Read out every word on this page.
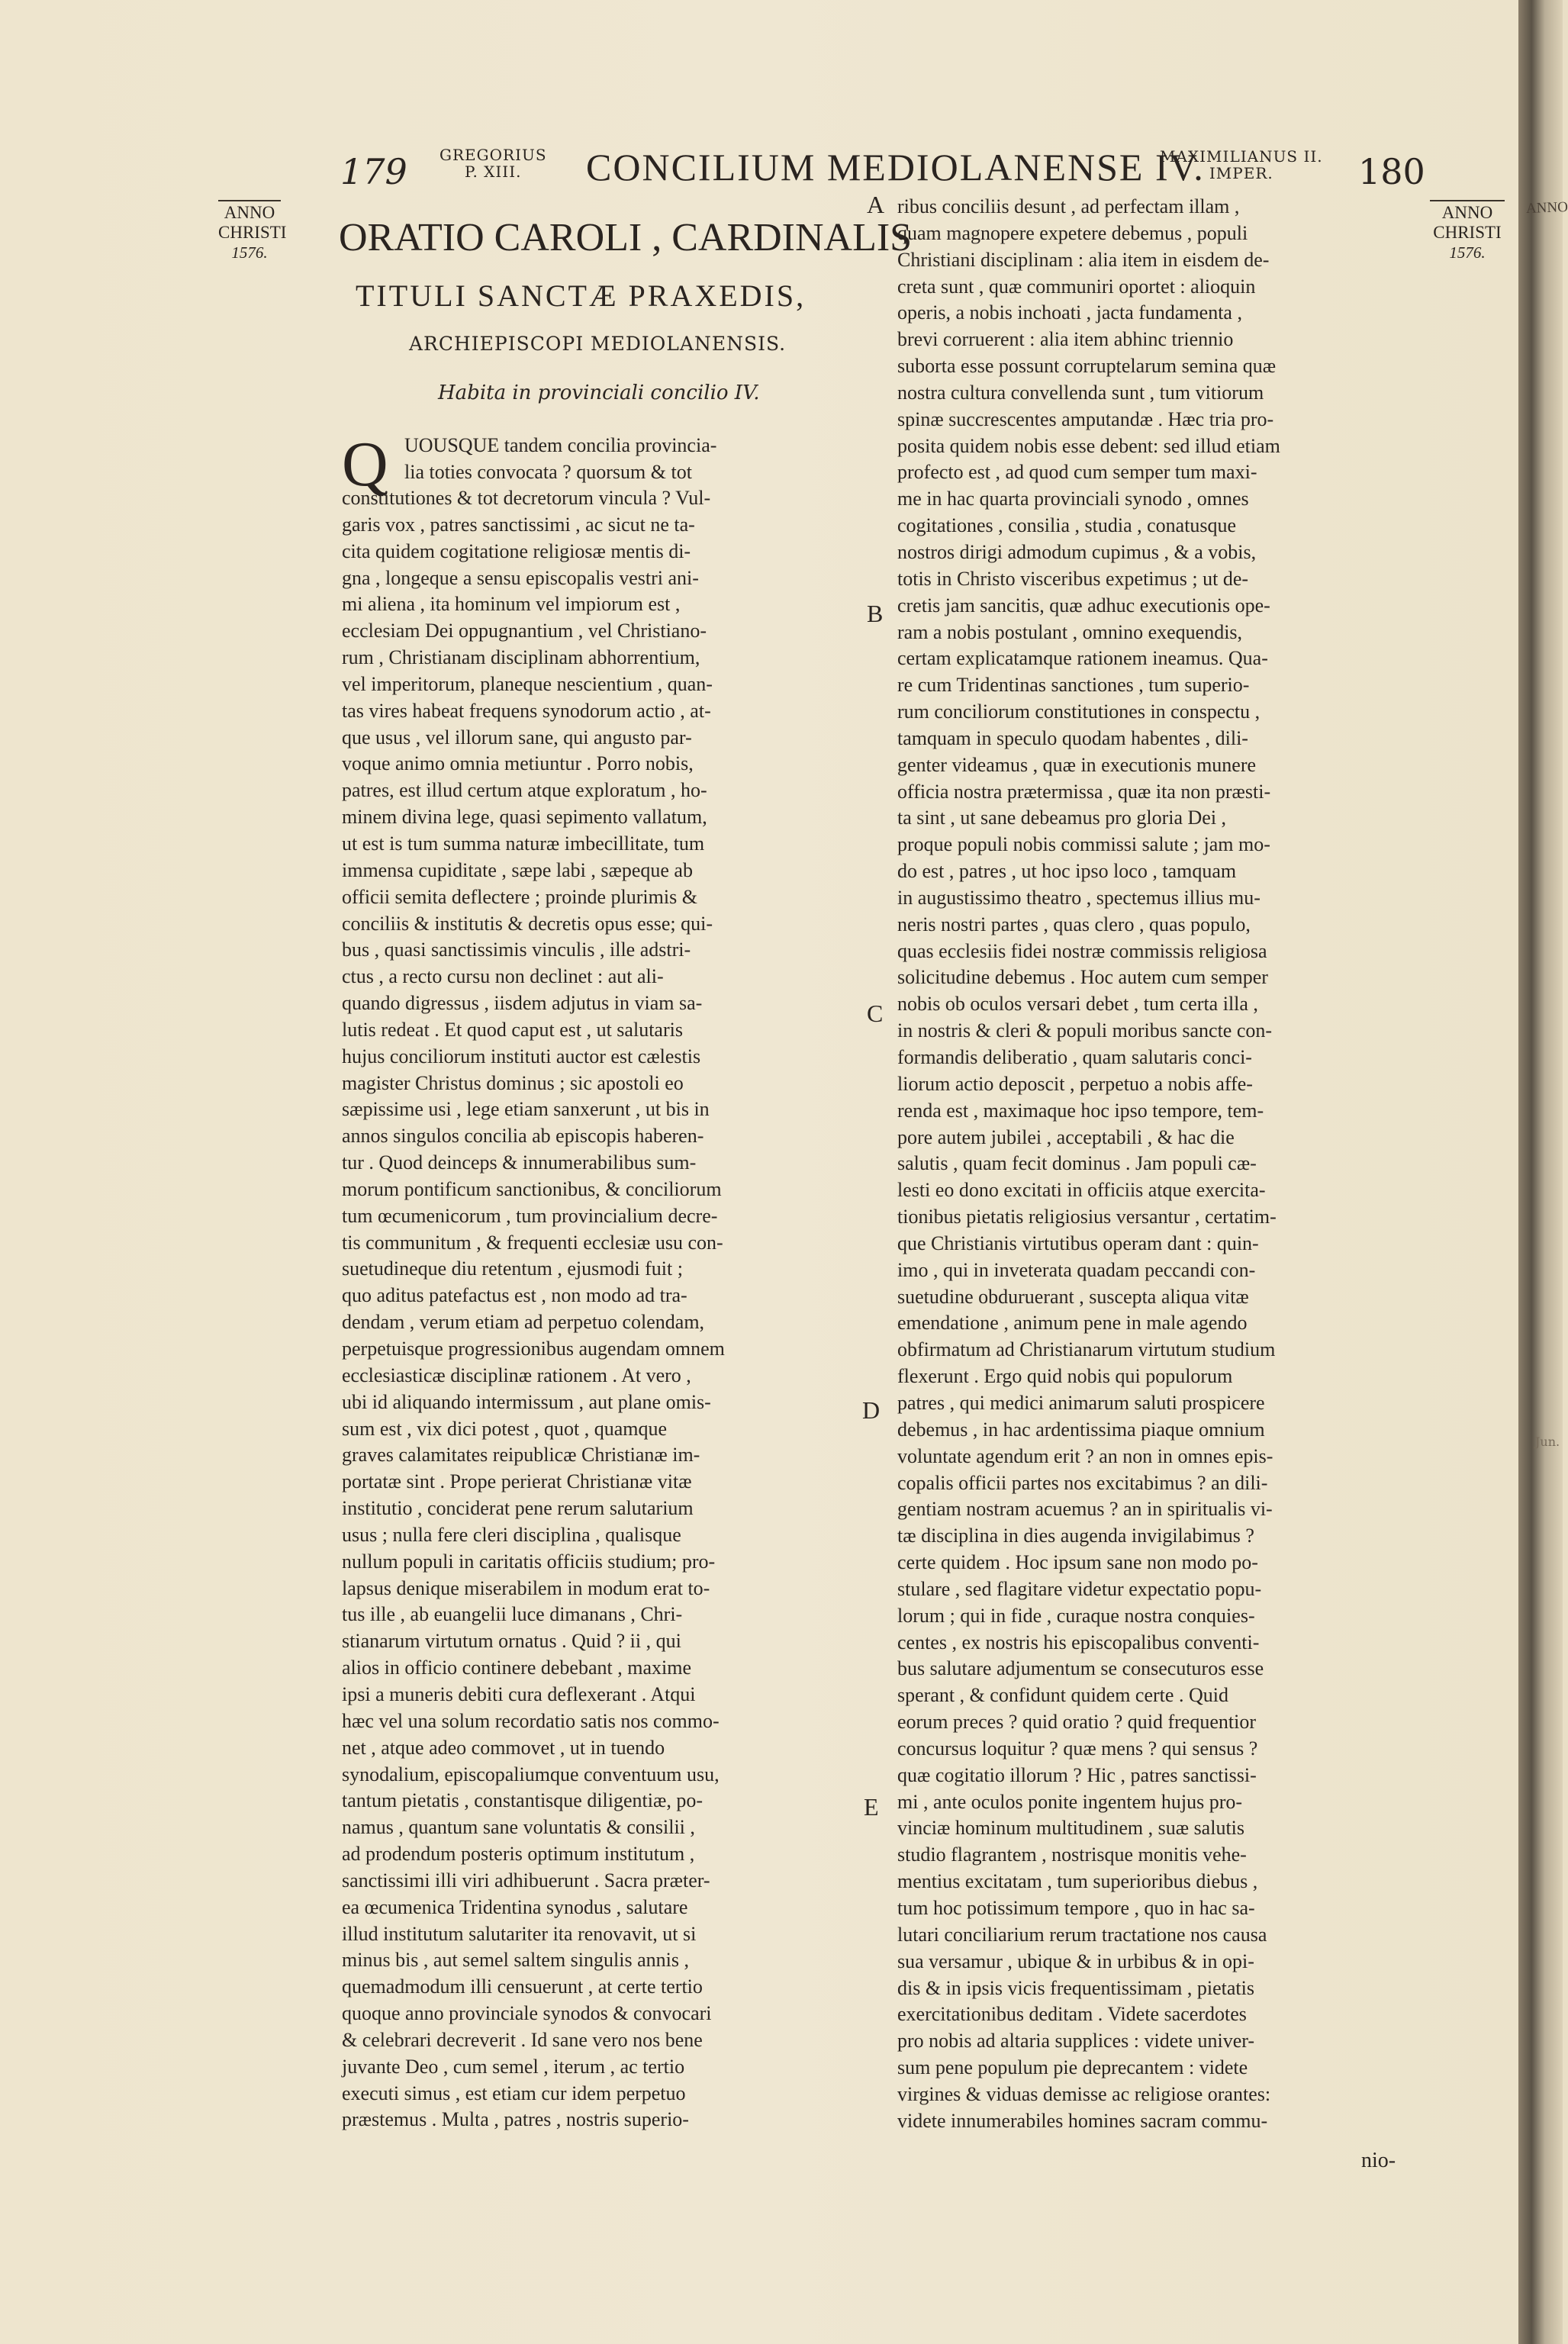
ANNO
179 GREGORIUS
P. XIII.	CONCILIUM MEDIOLANENSE IV.
MAXIMILIANUS II.
IMPER.	180
ANNO
CHRISTI
1576.
ANNO
CHRISTI
1576.
A
B
C
D
E
Jun.
ORATIO CAROLI , CARDINALIS
TITULI SANCTÆ PRAXEDIS,
ARCHIEPISCOPI MEDIOLANENSIS.
Habita in provinciali concilio IV.
Q UOUSQUE tandem concilia provincia-
lia toties convocata ? quorsum & tot
constitutiones & tot decretorum vincula ? Vul-
garis vox , patres sanctissimi , ac sicut ne ta-
cita quidem cogitatione religiosæ mentis di-
gna , longeque a sensu episcopalis vestri ani-
mi aliena , ita hominum vel impiorum est ,
ecclesiam Dei oppugnantium , vel Christiano-
rum , Christianam disciplinam abhorrentium,
vel imperitorum, planeque nescientium , quan-
tas vires habeat frequens synodorum actio , at-
que usus , vel illorum sane, qui angusto par-
voque animo omnia metiuntur . Porro nobis,
patres, est illud certum atque exploratum , ho-
minem divina lege, quasi sepimento vallatum,
ut est is tum summa naturæ imbecillitate, tum
immensa cupiditate , sæpe labi , sæpeque ab
officii semita deflectere ; proinde plurimis &
conciliis & institutis & decretis opus esse; qui-
bus , quasi sanctissimis vinculis , ille adstri-
ctus , a recto cursu non declinet : aut ali-
quando digressus , iisdem adjutus in viam sa-
lutis redeat . Et quod caput est , ut salutaris
hujus conciliorum instituti auctor est cælestis
magister Christus dominus ; sic apostoli eo
sæpissime usi , lege etiam sanxerunt , ut bis in
annos singulos concilia ab episcopis haberen-
tur . Quod deinceps & innumerabilibus sum-
morum pontificum sanctionibus, & conciliorum
tum œcumenicorum , tum provincialium decre-
tis communitum , & frequenti ecclesiæ usu con-
suetudineque diu retentum , ejusmodi fuit ;
quo aditus patefactus est , non modo ad tra-
dendam , verum etiam ad perpetuo colendam,
perpetuisque progressionibus augendam omnem
ecclesiasticæ disciplinæ rationem . At vero ,
ubi id aliquando intermissum , aut plane omis-
sum est , vix dici potest , quot , quamque
graves calamitates reipublicæ Christianæ im-
portatæ sint . Prope perierat Christianæ vitæ
institutio , conciderat pene rerum salutarium
usus ; nulla fere cleri disciplina , qualisque
nullum populi in caritatis officiis studium; pro-
lapsus denique miserabilem in modum erat to-
tus ille , ab euangelii luce dimanans , Chri-
stianarum virtutum ornatus . Quid ? ii , qui
alios in officio continere debebant , maxime
ipsi a muneris debiti cura deflexerant . Atqui
hæc vel una solum recordatio satis nos commo-
net , atque adeo commovet , ut in tuendo
synodalium, episcopaliumque conventuum usu,
tantum pietatis , constantisque diligentiæ, po-
namus , quantum sane voluntatis & consilii ,
ad prodendum posteris optimum institutum ,
sanctissimi illi viri adhibuerunt . Sacra præter-
ea œcumenica Tridentina synodus , salutare
illud institutum salutariter ita renovavit, ut si
minus bis , aut semel saltem singulis annis ,
quemadmodum illi censuerunt , at certe tertio
quoque anno provinciale synodos & convocari
& celebrari decreverit . Id sane vero nos bene
juvante Deo , cum semel , iterum , ac tertio
executi simus , est etiam cur idem perpetuo
præstemus . Multa , patres , nostris superio-
ribus conciliis desunt , ad perfectam illam ,
quam magnopere expetere debemus , populi
Christiani disciplinam : alia item in eisdem de-
creta sunt , quæ communiri oportet : alioquin
operis, a nobis inchoati , jacta fundamenta ,
brevi corruerent : alia item abhinc triennio
suborta esse possunt corruptelarum semina quæ
nostra cultura convellenda sunt , tum vitiorum
spinæ succrescentes amputandæ . Hæc tria pro-
posita quidem nobis esse debent: sed illud etiam
profecto est , ad quod cum semper tum maxi-
me in hac quarta provinciali synodo , omnes
cogitationes , consilia , studia , conatusque
nostros dirigi admodum cupimus , & a vobis,
totis in Christo visceribus expetimus ; ut de-
cretis jam sancitis, quæ adhuc executionis ope-
ram a nobis postulant , omnino exequendis,
certam explicatamque rationem ineamus. Qua-
re cum Tridentinas sanctiones , tum superio-
rum conciliorum constitutiones in conspectu ,
tamquam in speculo quodam habentes , dili-
genter videamus , quæ in executionis munere
officia nostra prætermissa , quæ ita non præsti-
ta sint , ut sane debeamus pro gloria Dei ,
proque populi nobis commissi salute ; jam mo-
do est , patres , ut hoc ipso loco , tamquam
in augustissimo theatro , spectemus illius mu-
neris nostri partes , quas clero , quas populo,
quas ecclesiis fidei nostræ commissis religiosa
solicitudine debemus . Hoc autem cum semper
nobis ob oculos versari debet , tum certa illa ,
in nostris & cleri & populi moribus sancte con-
formandis deliberatio , quam salutaris conci-
liorum actio deposcit , perpetuo a nobis affe-
renda est , maximaque hoc ipso tempore, tem-
pore autem jubilei , acceptabili , & hac die
salutis , quam fecit dominus . Jam populi cæ-
lesti eo dono excitati in officiis atque exercita-
tionibus pietatis religiosius versantur , certatim-
que Christianis virtutibus operam dant : quin-
imo , qui in inveterata quadam peccandi con-
suetudine obduruerant , suscepta aliqua vitæ
emendatione , animum pene in male agendo
obfirmatum ad Christianarum virtutum studium
flexerunt . Ergo quid nobis qui populorum
patres , qui medici animarum saluti prospicere
debemus , in hac ardentissima piaque omnium
voluntate agendum erit ? an non in omnes epis-
copalis officii partes nos excitabimus ? an dili-
gentiam nostram acuemus ? an in spiritualis vi-
tæ disciplina in dies augenda invigilabimus ?
certe quidem . Hoc ipsum sane non modo po-
stulare , sed flagitare videtur expectatio popu-
lorum ; qui in fide , curaque nostra conquies-
centes , ex nostris his episcopalibus conventi-
bus salutare adjumentum se consecuturos esse
sperant , & confidunt quidem certe . Quid
eorum preces ? quid oratio ? quid frequentior
concursus loquitur ? quæ mens ? qui sensus ?
quæ cogitatio illorum ? Hic , patres sanctissi-
mi , ante oculos ponite ingentem hujus pro-
vinciæ hominum multitudinem , suæ salutis
studio flagrantem , nostrisque monitis vehe-
mentius excitatam , tum superioribus diebus ,
tum hoc potissimum tempore , quo in hac sa-
lutari conciliarium rerum tractatione nos causa
sua versamur , ubique & in urbibus & in opi-
dis & in ipsis vicis frequentissimam , pietatis
exercitationibus deditam . Videte sacerdotes
pro nobis ad altaria supplices : videte univer-
sum pene populum pie deprecantem : videte
virgines & viduas demisse ac religiose orantes:
videte innumerabiles homines sacram commu-
nio-
